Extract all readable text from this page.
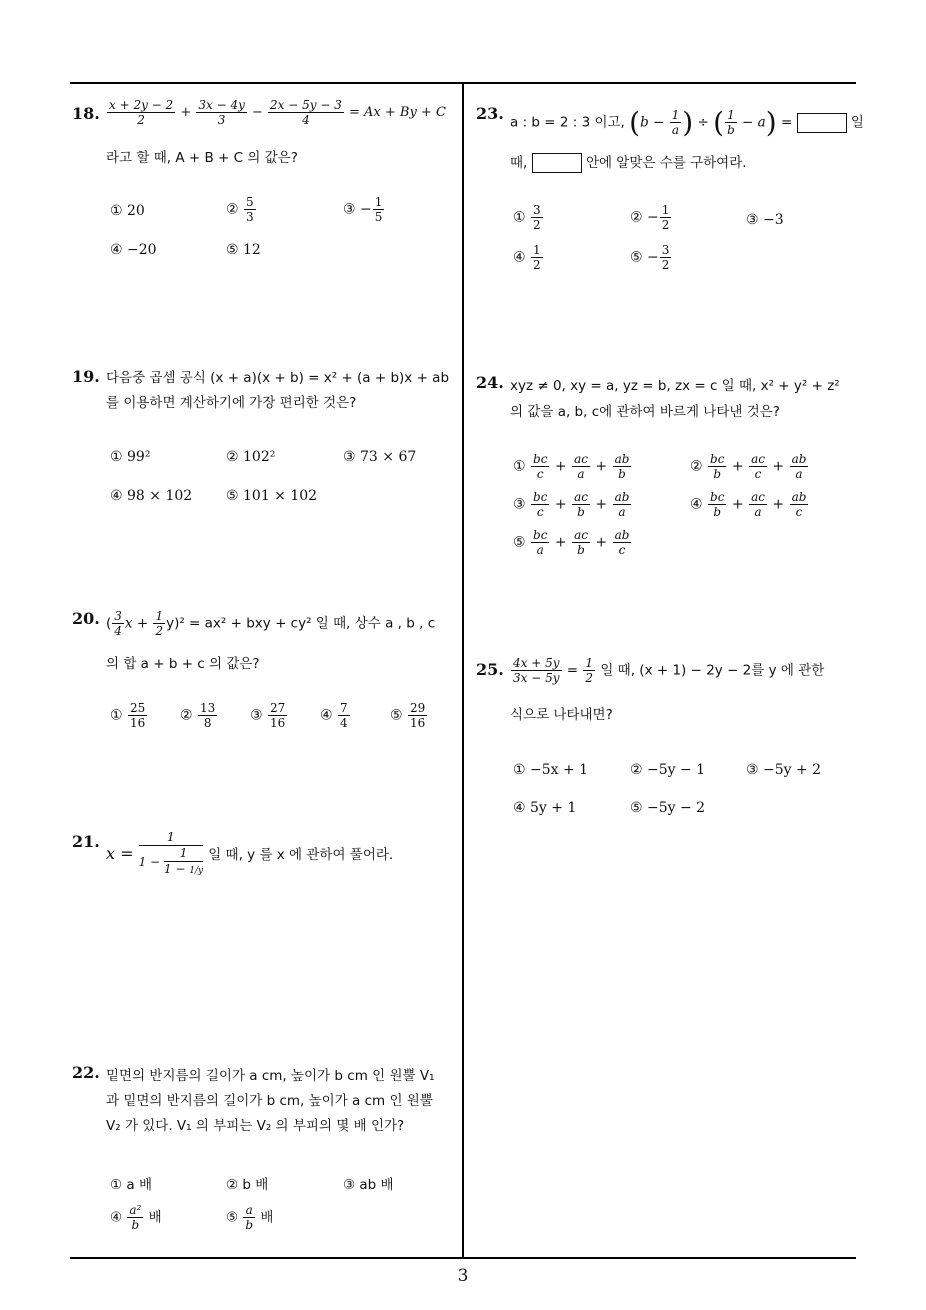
3
18. $\frac{x + 2y - 2}{2} + \frac{3x - 4y}{3} - \frac{2x - 5y - 3}{4} = Ax + By + C$
라고 할 때, A + B + C 의 값은?
① 20	② $\frac{5}{3}$	③ − $\frac{1}{5}$
④ −20	⑤ 12
19. 다음중 곱셈 공식 (x + a)(x + b) = x² + (a + b)x + ab
를 이용하면 계산하기에 가장 편리한 것은?
① 99²	② 102²	③ 73 × 67
④ 98 × 102 ⑤ 101 × 102
20. ( $\frac{3}{4}$ $x + \frac{1}{2} y)^2 = ax^2$ + bxy + cy² 일 때, 상수 a , b , c
의 합 a + b + c 의 값은?
① $\frac{25}{16}$ ② $\frac{13}{8}$ ③ $\frac{27}{16}$ ④ $\frac{7}{4}$	⑤ $\frac{29}{16}$
21.
$x = \frac{1}{1 - \frac{1}{1 - 1/y}}$ 일 때, y 를 x 에 관하여 풀어라.
22. 밑면의 반지름의 길이가 a cm, 높이가 b cm 인 원뿔 V₁
과 밑면의 반지름의 길이가 b cm, 높이가 a cm 인 원뿔
V₂ 가 있다. V₁ 의 부피는 V₂ 의 부피의 몇 배 인가?
① a 배	② b 배	③ ab 배
④ $\frac{\text{a²}}{b}$ 배	⑤ $\frac{a}{b}$ 배
23. a : b = 2 : 3 이고, ($b - \frac{1}{a}$ ) ÷ ( $\frac{1}{b} - a$) =	일
때,	안에 알맞은 수를 구하여라.
① $\frac{3}{2}$	② − $\frac{1}{2}$	③ −3
④ $\frac{1}{2}$	⑤ − $\frac{3}{2}$
24. xyz ≠ 0, xy = a, yz = b, zx = c 일 때, x² + y² + z²
의 값을 a, b, c에 관하여 바르게 나타낸 것은?
① $\frac{bc}{c} + \frac{ac}{a} + \frac{ab}{b}$	② $\frac{bc}{b} + \frac{ac}{c} + \frac{ab}{a}$
③ $\frac{bc}{c} + \frac{ac}{b} + \frac{ab}{a}$	④ $\frac{bc}{b} + \frac{ac}{a} + \frac{ab}{c}$
⑤ $\frac{bc}{a} + \frac{ac}{b} + \frac{ab}{c}$
25. $\frac{4x + 5y}{3x - 5y} = \frac{1}{2}$ 일 때, (x + 1) − 2y − 2를 y 에 관한
식으로 나타내면?
① −5x + 1	② −5y − 1	③ −5y + 2
④ 5y + 1	⑤ −5y − 2
